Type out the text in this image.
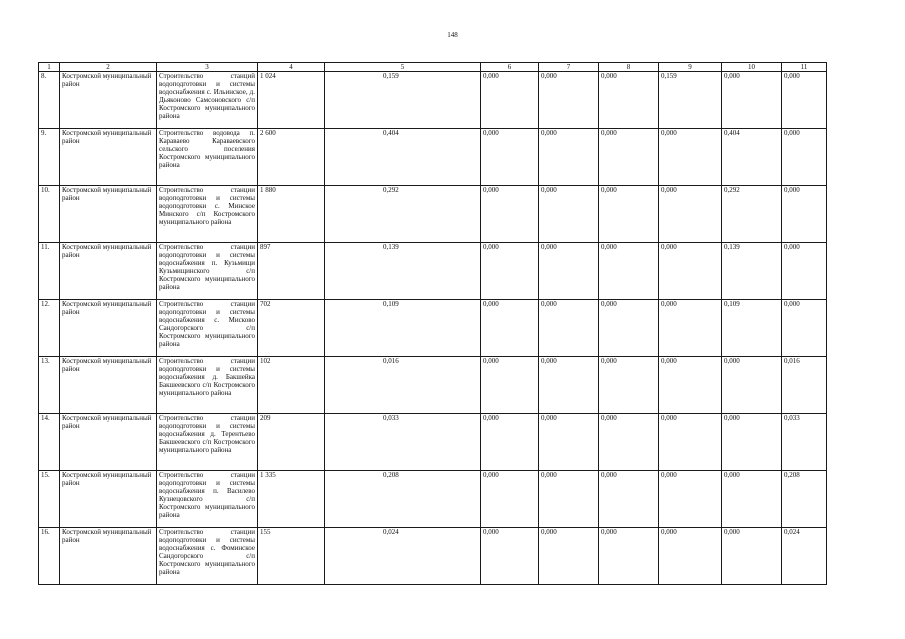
148
1	2	3	4	5	6	7	8	9	10	11
8.	Костромской муниципальный район	Строительство станций водоподготовки и системы водоснабжения с. Ильинское, д. Дьяконово Самсоновского с/п Костромского муниципального района	1 024	0,159	0,000	0,000	0,000	0,159	0,000	0,000
9.	Костромской муниципальный район	Строительство водовода п. Караваево Караваевского сельского поселения Костромского муниципального района	2 600	0,404	0,000	0,000	0,000	0,000	0,404	0,000
10.	Костромской муниципальный район	Строительство станции водоподготовки и системы водоподготовки с. Минское Минского с/п Костромского муниципального района	1 880	0,292	0,000	0,000	0,000	0,000	0,292	0,000
11.	Костромской муниципальный район	Строительство станции водоподготовки и системы водоснабжения п. Кузьмищи Кузьмищинского с/п Костромского муниципального района	897	0,139	0,000	0,000	0,000	0,000	0,139	0,000
12.	Костромской муниципальный район	Строительство станции водоподготовки и системы водоснабжения с. Мисково Сандогорского с/п Костромского муниципального района	702	0,109	0,000	0,000	0,000	0,000	0,109	0,000
13.	Костромской муниципальный район	Строительство станции водоподготовки и системы водоснабжения д. Бакшейка Бакшеевского с/п Костромского муниципального района	102	0,016	0,000	0,000	0,000	0,000	0,000	0,016
14.	Костромской муниципальный район	Строительство станции водоподготовки и системы водоснабжения д. Терентьево Бакшеевского с/п Костромского муниципального района	209	0,033	0,000	0,000	0,000	0,000	0,000	0,033
15.	Костромской муниципальный район	Строительство станции водоподготовки и системы водоснабжения п. Василево Кузнецовского с/п Костромского муниципального района	1 335	0,208	0,000	0,000	0,000	0,000	0,000	0,208
16.	Костромской муниципальный район	Строительство станции водоподготовки и системы водоснабжения с. Фоминское Сандогорского с/п Костромского муниципального района	155	0,024	0,000	0,000	0,000	0,000	0,000	0,024
